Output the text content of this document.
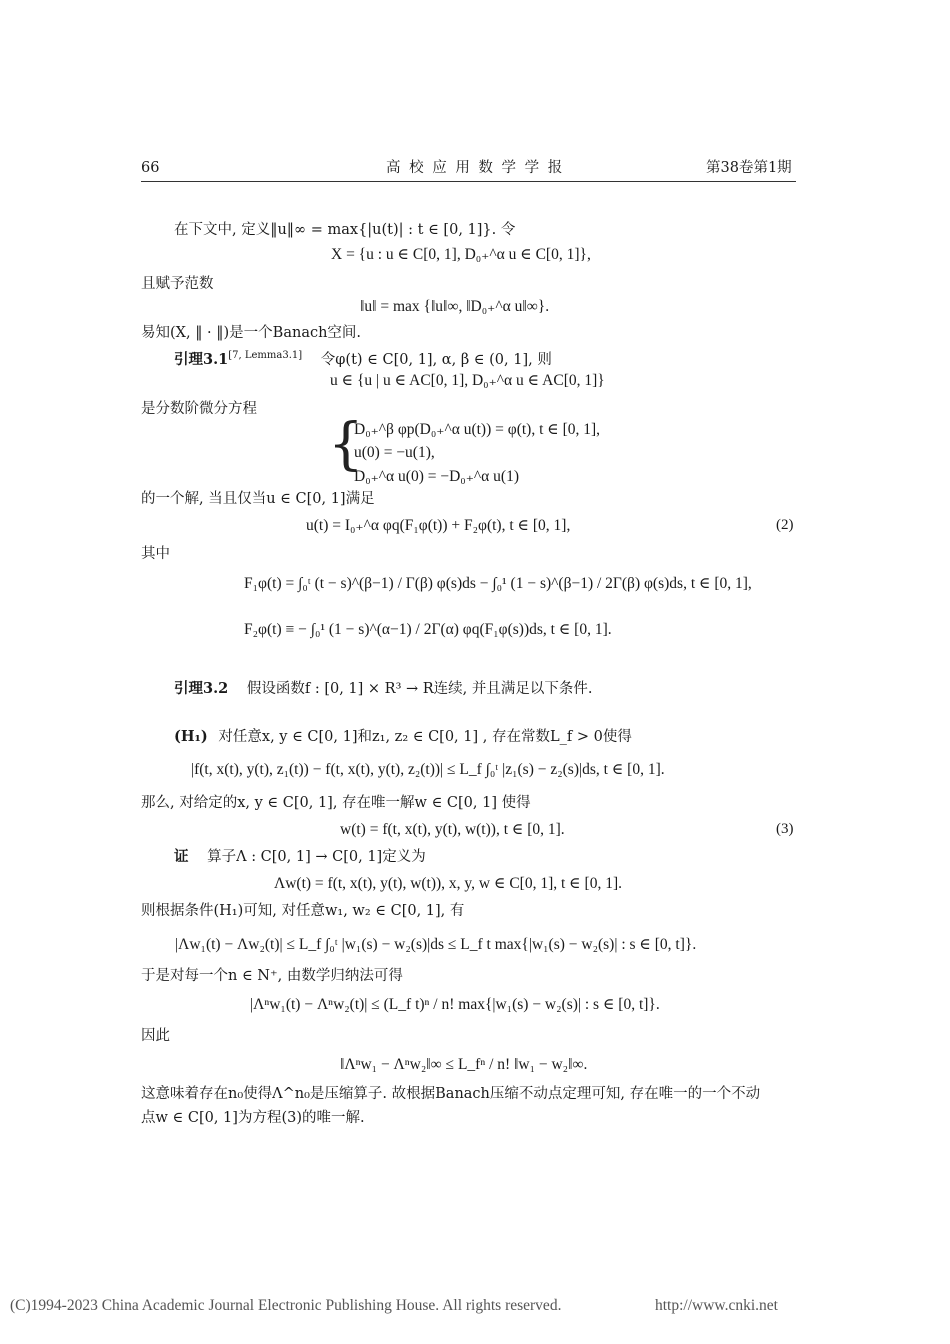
66	高 校 应 用 数 学 学 报	第38卷第1期
在下文中, 定义‖u‖∞ = max{|u(t)| : t ∈ [0, 1]}. 令
X = {u : u ∈ C[0, 1], D₀₊^α u ∈ C[0, 1]},
且赋予范数
‖u‖ = max {‖u‖∞, ‖D₀₊^α u‖∞}.
易知(X, ‖ · ‖)是一个Banach空间.
引理3.1[7, Lemma3.1] 令φ(t) ∈ C[0, 1], α, β ∈ (0, 1], 则
u ∈ {u | u ∈ AC[0, 1], D₀₊^α u ∈ AC[0, 1]}
是分数阶微分方程
{
D₀₊^β φp(D₀₊^α u(t)) = φ(t), t ∈ [0, 1],
u(0) = −u(1),
D₀₊^α u(0) = −D₀₊^α u(1)
的一个解, 当且仅当u ∈ C[0, 1]满足
u(t) = I₀₊^α φq(F₁φ(t)) + F₂φ(t), t ∈ [0, 1],	(2)
其中
F₁φ(t) = ∫₀ᵗ (t − s)^(β−1) / Γ(β) φ(s)ds − ∫₀¹ (1 − s)^(β−1) / 2Γ(β) φ(s)ds, t ∈ [0, 1],
F₂φ(t) ≡ − ∫₀¹ (1 − s)^(α−1) / 2Γ(α) φq(F₁φ(s))ds, t ∈ [0, 1].
引理3.2 假设函数f : [0, 1] × R³ → R连续, 并且满足以下条件.
(H₁) 对任意x, y ∈ C[0, 1]和z₁, z₂ ∈ C[0, 1] , 存在常数L_f > 0使得
|f(t, x(t), y(t), z₁(t)) − f(t, x(t), y(t), z₂(t))| ≤ L_f ∫₀ᵗ |z₁(s) − z₂(s)|ds, t ∈ [0, 1].
那么, 对给定的x, y ∈ C[0, 1], 存在唯一解w ∈ C[0, 1] 使得
w(t) = f(t, x(t), y(t), w(t)), t ∈ [0, 1].	(3)
证 算子Λ : C[0, 1] → C[0, 1]定义为
Λw(t) = f(t, x(t), y(t), w(t)), x, y, w ∈ C[0, 1], t ∈ [0, 1].
则根据条件(H₁)可知, 对任意w₁, w₂ ∈ C[0, 1], 有
|Λw₁(t) − Λw₂(t)| ≤ L_f ∫₀ᵗ |w₁(s) − w₂(s)|ds ≤ L_f t max{|w₁(s) − w₂(s)| : s ∈ [0, t]}.
于是对每一个n ∈ N⁺, 由数学归纳法可得
|Λⁿw₁(t) − Λⁿw₂(t)| ≤ (L_f t)ⁿ / n! max{|w₁(s) − w₂(s)| : s ∈ [0, t]}.
因此
‖Λⁿw₁ − Λⁿw₂‖∞ ≤ L_fⁿ / n! ‖w₁ − w₂‖∞.
这意味着存在n₀使得Λ^n₀是压缩算子. 故根据Banach压缩不动点定理可知, 存在唯一的一个不动
点w ∈ C[0, 1]为方程(3)的唯一解.
(C)1994-2023 China Academic Journal Electronic Publishing House. All rights reserved.	http://www.cnki.net
